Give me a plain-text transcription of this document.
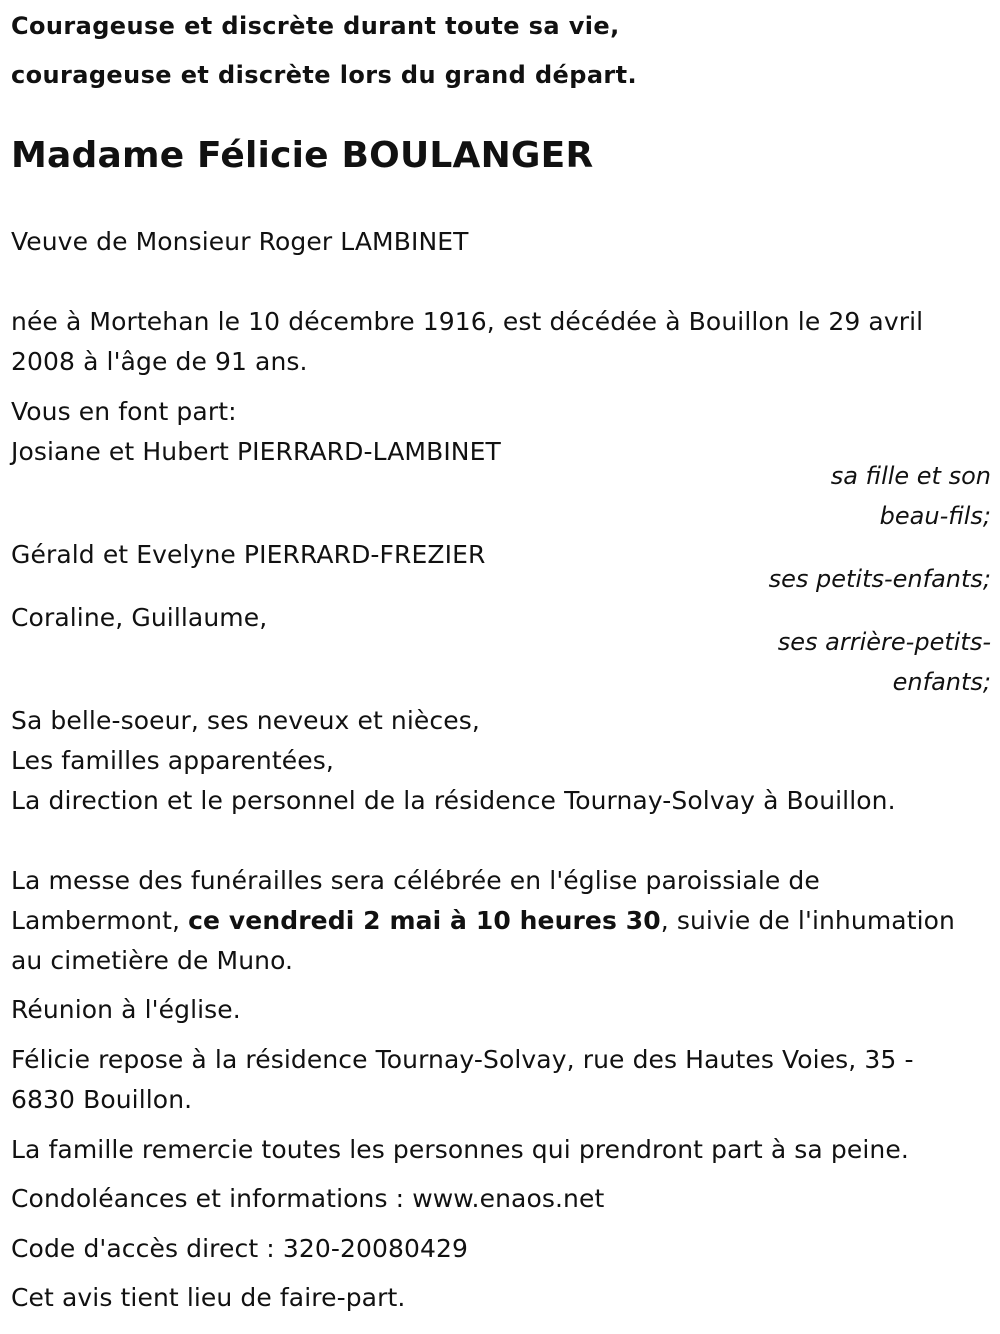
Courageuse et discrète durant toute sa vie,
courageuse et discrète lors du grand départ.
Madame Félicie BOULANGER
Veuve de Monsieur Roger LAMBINET
née à Mortehan le 10 décembre 1916, est décédée à Bouillon le 29 avril
2008 à l'âge de 91 ans.
Vous en font part:
Josiane et Hubert PIERRARD-LAMBINET
sa fille et son
beau-fils;
Gérald et Evelyne PIERRARD-FREZIER
ses petits-enfants;
Coraline, Guillaume,
ses arrière-petits-
enfants;
Sa belle-soeur, ses neveux et nièces,
Les familles apparentées,
La direction et le personnel de la résidence Tournay-Solvay à Bouillon.
La messe des funérailles sera célébrée en l'église paroissiale de
Lambermont, ce vendredi 2 mai à 10 heures 30, suivie de l'inhumation
au cimetière de Muno.
Réunion à l'église.
Félicie repose à la résidence Tournay-Solvay, rue des Hautes Voies, 35 -
6830 Bouillon.
La famille remercie toutes les personnes qui prendront part à sa peine.
Condoléances et informations : www.enaos.net
Code d'accès direct : 320-20080429
Cet avis tient lieu de faire-part.
